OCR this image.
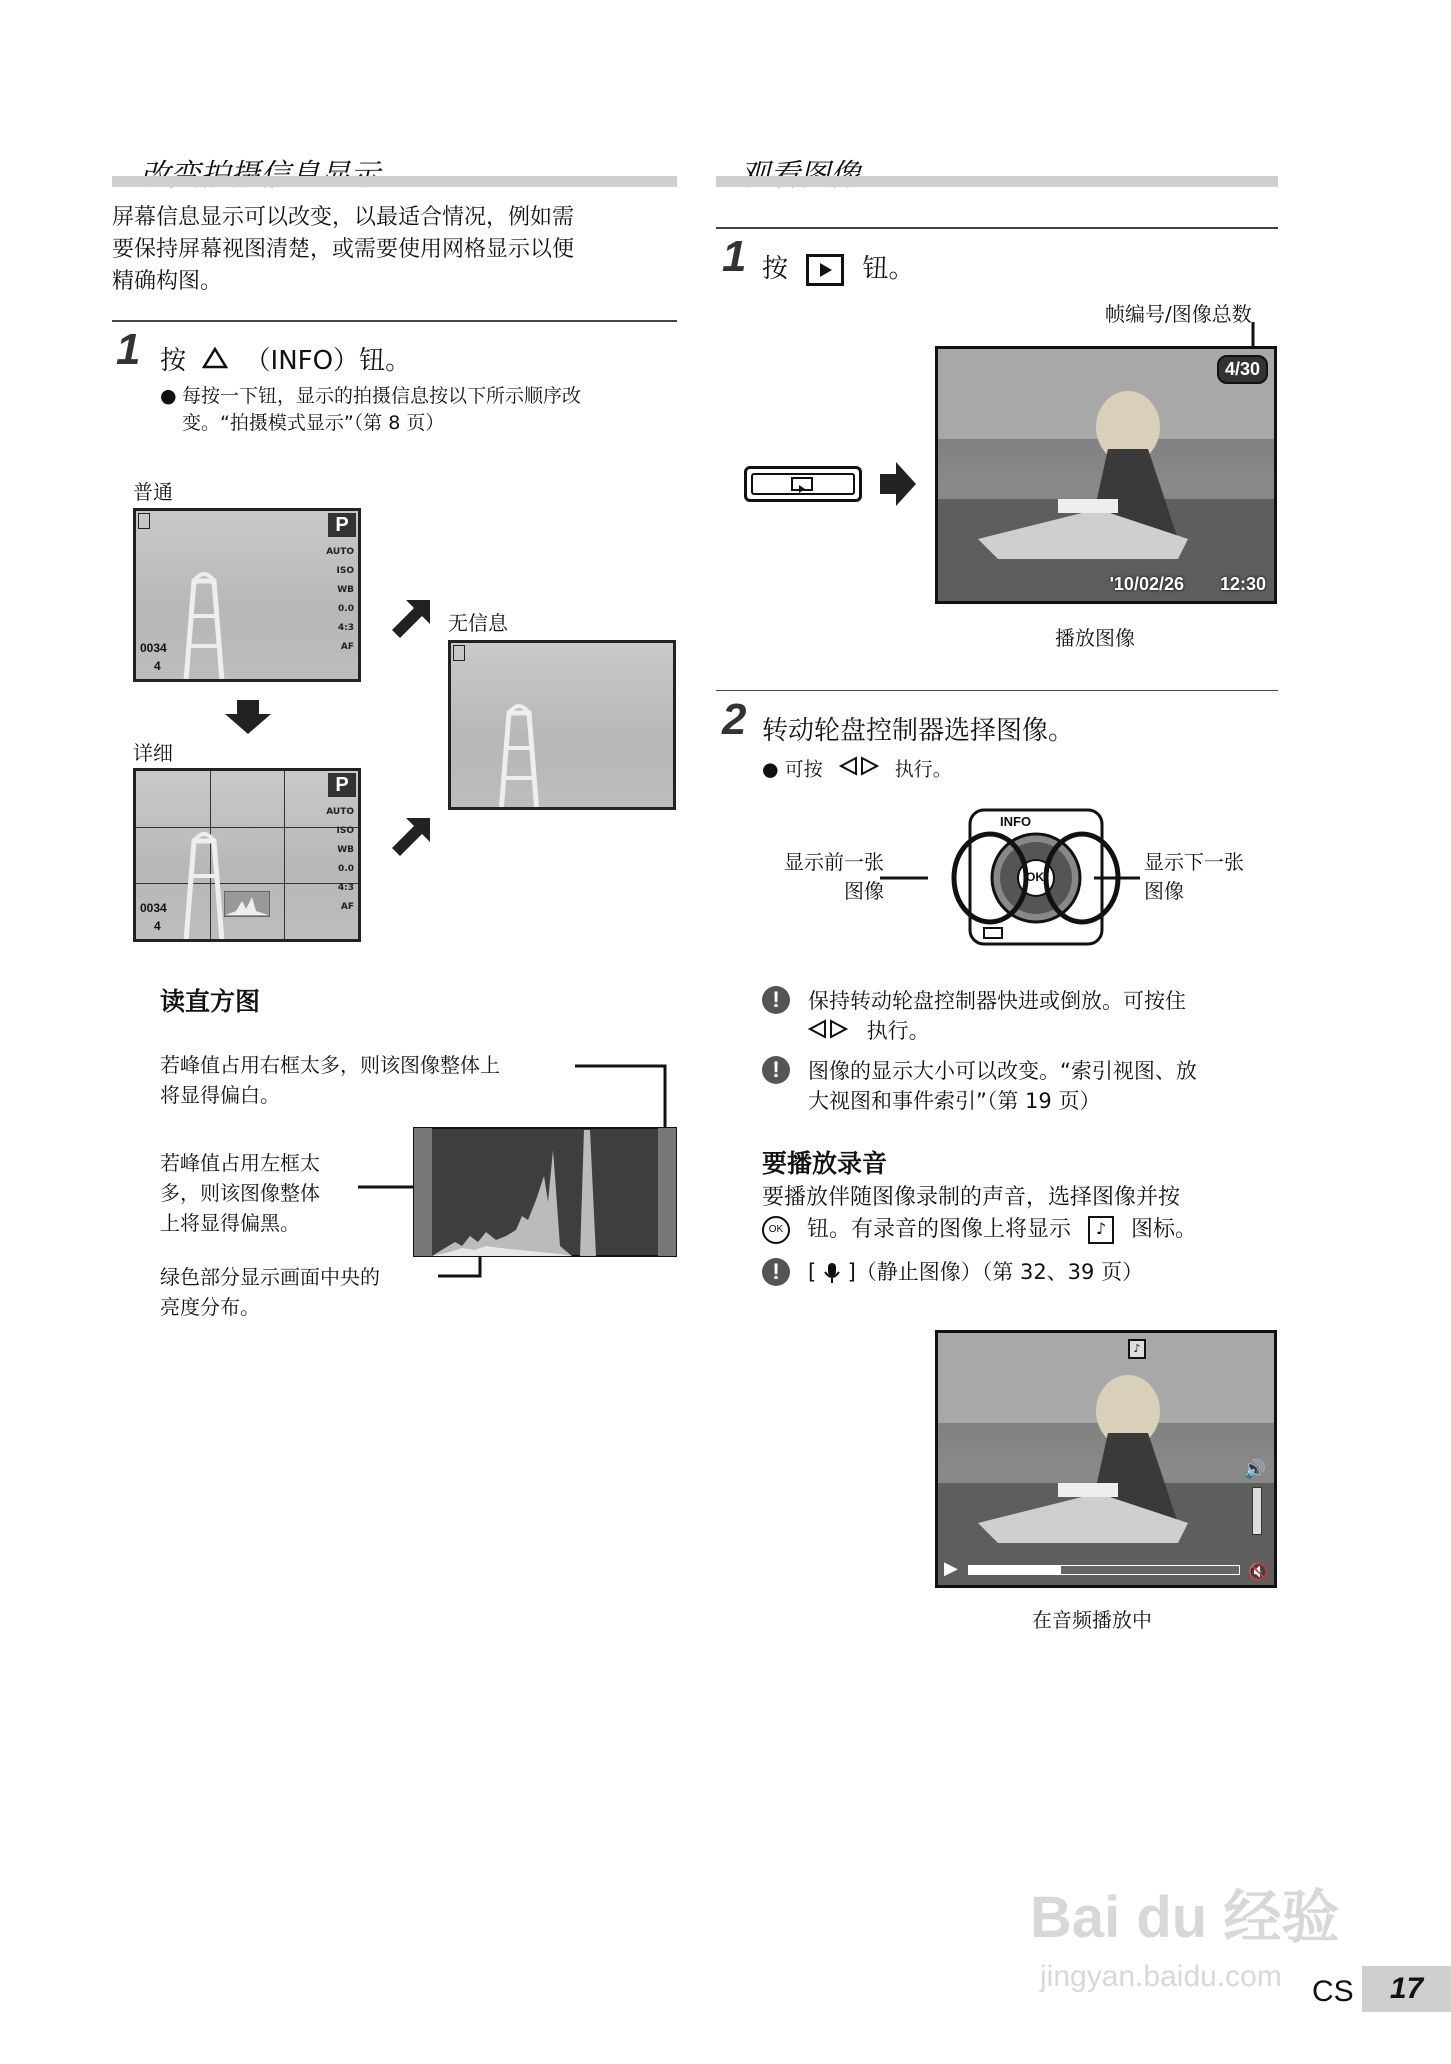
屏幕信息显示可以改变，以最适合情况，例如需
要保持屏幕视图清楚，或需要使用网格显示以便
精确构图。
1 按 （INFO）钮。
● 每按一下钮，显示的拍摄信息按以下所示顺序改
变。“拍摄模式显示”（第 8 页）
普通
P
AUTO
ISO
WB
0.0
4:3
AF
0034
4
详细
P
AUTO
ISO
WB
0.0
4:3
AF
0034
4
无信息
读直方图
若峰值占用右框太多，则该图像整体上
将显得偏白。
若峰值占用左框太
多，则该图像整体
上将显得偏黑。
绿色部分显示画面中央的
亮度分布。
1 按	钮。
帧编号/图像总数
4/30
'10/02/26 12:30
播放图像
2 转动轮盘控制器选择图像。
● 可按	执行。
显示前一张
图像
显示下一张
图像
INFO
OK
!	保持转动轮盘控制器快进或倒放。可按住
执行。
!	图像的显示大小可以改变。“索引视图、放
大视图和事件索引”（第 19 页）
要播放录音
要播放伴随图像录制的声音，选择图像并按
OK 钮。有录音的图像上将显示 ♪ 图标。
!	[ ]（静止图像）（第 32、39 页）
♪
🔊
▶	🔇
在音频播放中
Bai du 经验
jingyan.baidu.com CS	17
